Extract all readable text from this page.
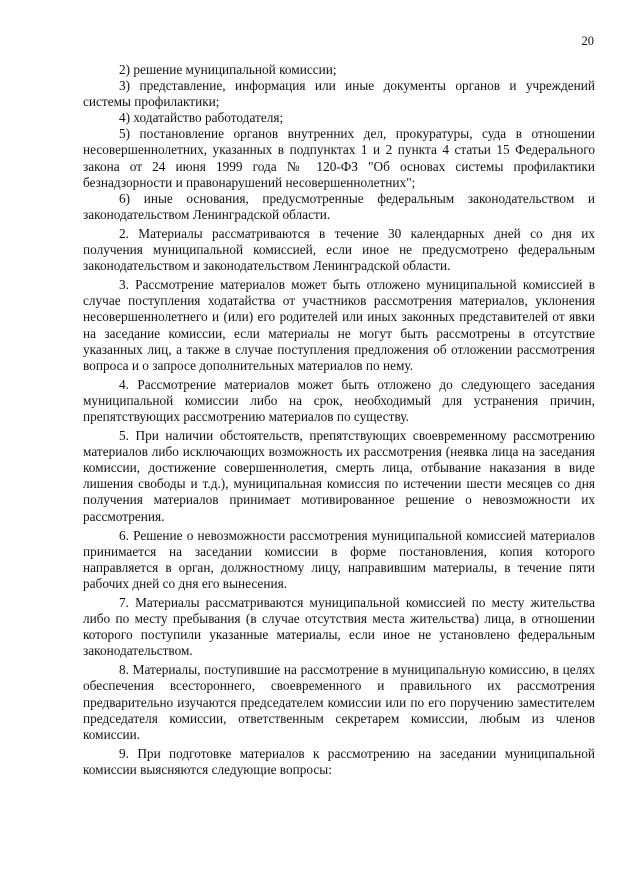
20

2) решение муниципальной комиссии;

3) представление, информация или иные документы органов и учреждений системы профилактики;

4) ходатайство работодателя;

5) постановление органов внутренних дел, прокуратуры, суда в отношении несовершеннолетних, указанных в подпунктах 1 и 2 пункта 4 статьи 15 Федерального закона от 24 июня 1999 года № 120-ФЗ "Об основах системы профилактики безнадзорности и правонарушений несовершеннолетних";

6) иные основания, предусмотренные федеральным законодательством и законодательством Ленинградской области.

2. Материалы рассматриваются в течение 30 календарных дней со дня их получения муниципальной комиссией, если иное не предусмотрено федеральным законодательством и законодательством Ленинградской области.

3. Рассмотрение материалов может быть отложено муниципальной комиссией в случае поступления ходатайства от участников рассмотрения материалов, уклонения несовершеннолетнего и (или) его родителей или иных законных представителей от явки на заседание комиссии, если материалы не могут быть рассмотрены в отсутствие указанных лиц, а также в случае поступления предложения об отложении рассмотрения вопроса и о запросе дополнительных материалов по нему.

4. Рассмотрение материалов может быть отложено до следующего заседания муниципальной комиссии либо на срок, необходимый для устранения причин, препятствующих рассмотрению материалов по существу.

5. При наличии обстоятельств, препятствующих своевременному рассмотрению материалов либо исключающих возможность их рассмотрения (неявка лица на заседания комиссии, достижение совершеннолетия, смерть лица, отбывание наказания в виде лишения свободы и т.д.), муниципальная комиссия по истечении шести месяцев со дня получения материалов принимает мотивированное решение о невозможности их рассмотрения.

6. Решение о невозможности рассмотрения муниципальной комиссией материалов принимается на заседании комиссии в форме постановления, копия которого направляется в орган, должностному лицу, направившим материалы, в течение пяти рабочих дней со дня его вынесения.

7. Материалы рассматриваются муниципальной комиссией по месту жительства либо по месту пребывания (в случае отсутствия места жительства) лица, в отношении которого поступили указанные материалы, если иное не установлено федеральным законодательством.

8. Материалы, поступившие на рассмотрение в муниципальную комиссию, в целях обеспечения всестороннего, своевременного и правильного их рассмотрения предварительно изучаются председателем комиссии или по его поручению заместителем председателя комиссии, ответственным секретарем комиссии, любым из членов комиссии.

9. При подготовке материалов к рассмотрению на заседании муниципальной комиссии выясняются следующие вопросы:
